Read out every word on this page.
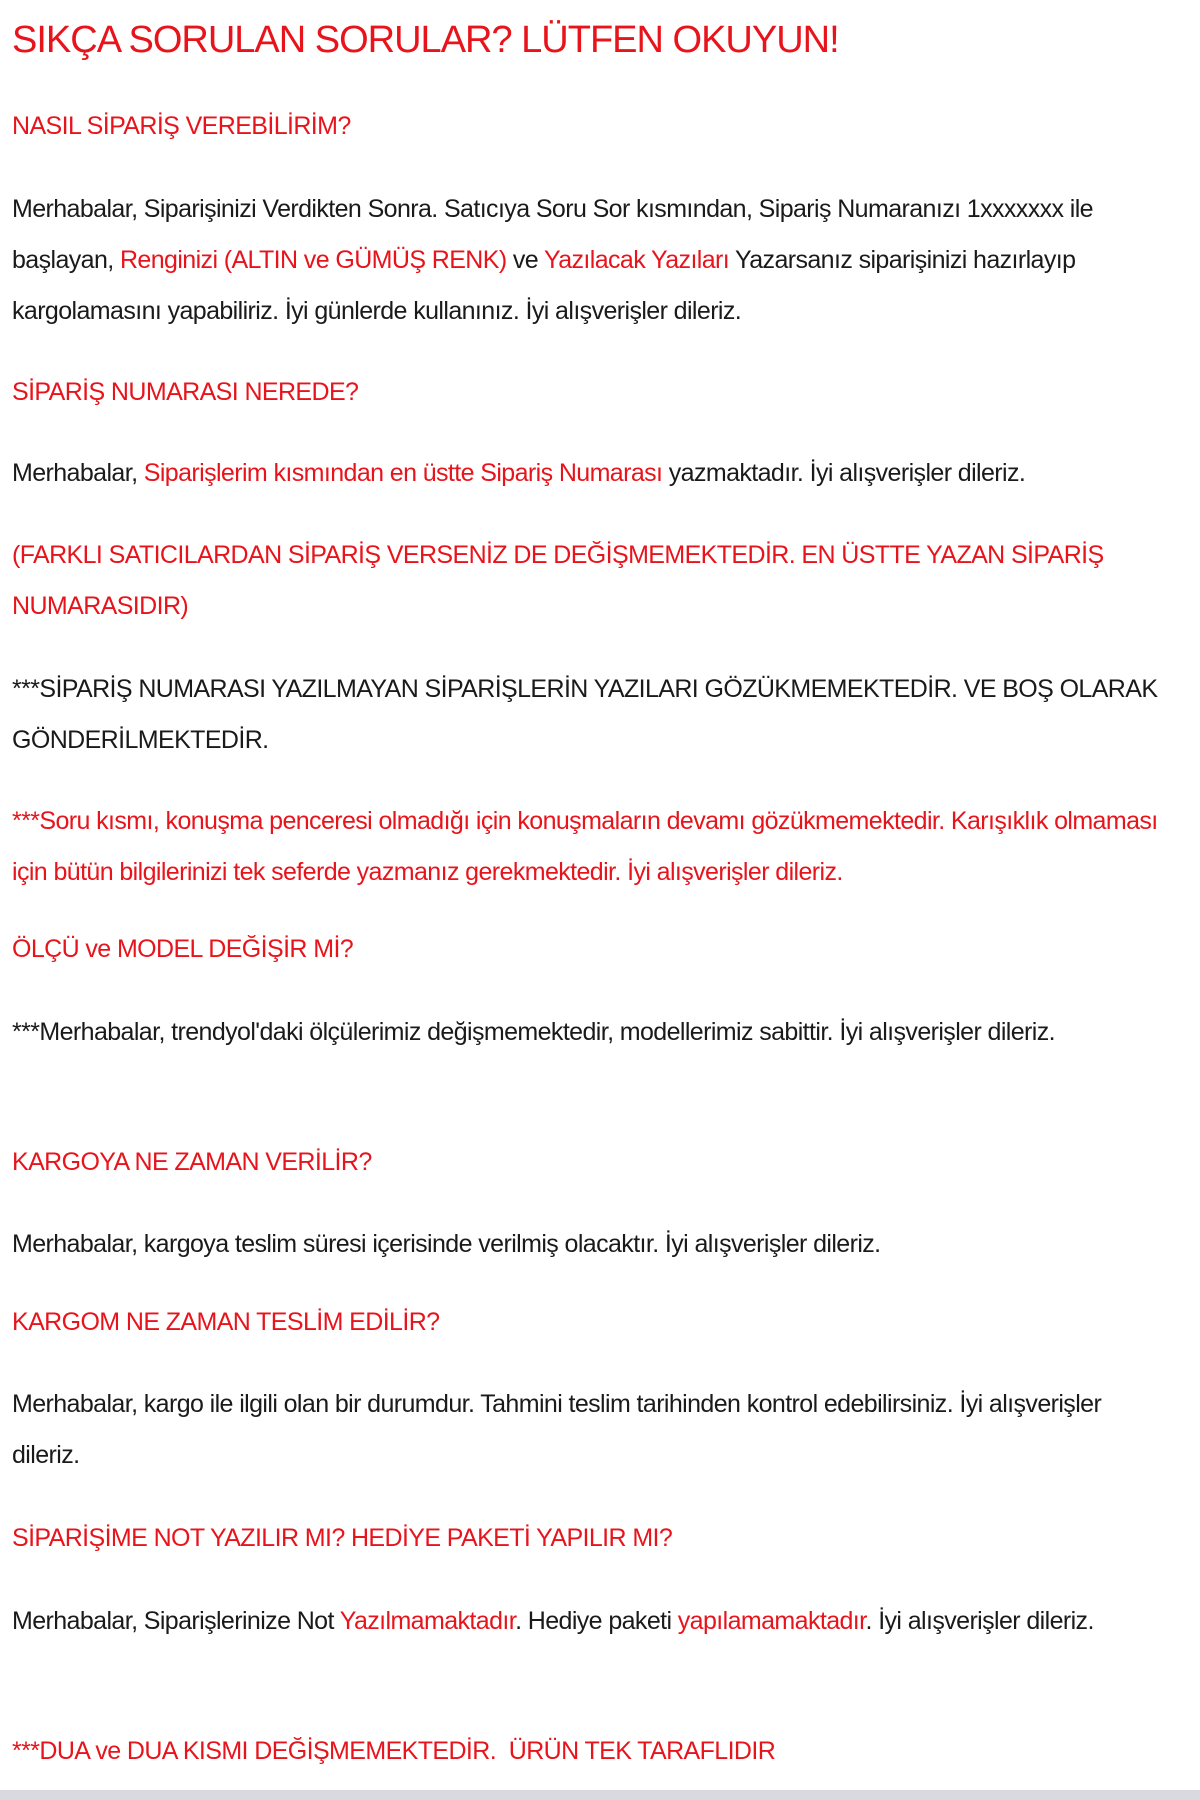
SIKÇA SORULAN SORULAR? LÜTFEN OKUYUN!
NASIL SİPARİŞ VEREBİLİRİM?

Merhabalar, Siparişinizi Verdikten Sonra. Satıcıya Soru Sor kısmından, Sipariş Numaranızı 1xxxxxxx ile başlayan, Renginizi (ALTIN ve GÜMÜŞ RENK) ve Yazılacak Yazıları Yazarsanız siparişinizi hazırlayıp kargolamasını yapabiliriz. İyi günlerde kullanınız. İyi alışverişler dileriz.

SİPARİŞ NUMARASI NEREDE?

Merhabalar, Siparişlerim kısmından en üstte Sipariş Numarası yazmaktadır. İyi alışverişler dileriz.

(FARKLI SATICILARDAN SİPARİŞ VERSENİZ DE DEĞİŞMEMEKTEDİR. EN ÜSTTE YAZAN SİPARİŞ NUMARASIDIR)

***SİPARİŞ NUMARASI YAZILMAYAN SİPARİŞLERİN YAZILARI GÖZÜKMEMEKTEDİR. VE BOŞ OLARAK GÖNDERİLMEKTEDİR.

***Soru kısmı, konuşma penceresi olmadığı için konuşmaların devamı gözükmemektedir. Karışıklık olmaması için bütün bilgilerinizi tek seferde yazmanız gerekmektedir. İyi alışverişler dileriz.

ÖLÇÜ ve MODEL DEĞİŞİR Mİ?

***Merhabalar, trendyol'daki ölçülerimiz değişmemektedir, modellerimiz sabittir. İyi alışverişler dileriz.

KARGOYA NE ZAMAN VERİLİR?

Merhabalar, kargoya teslim süresi içerisinde verilmiş olacaktır. İyi alışverişler dileriz.

KARGOM NE ZAMAN TESLİM EDİLİR?

Merhabalar, kargo ile ilgili olan bir durumdur. Tahmini teslim tarihinden kontrol edebilirsiniz. İyi alışverişler dileriz.

SİPARİŞİME NOT YAZILIR MI? HEDİYE PAKETİ YAPILIR MI?

Merhabalar, Siparişlerinize Not Yazılmamaktadır. Hediye paketi yapılamamaktadır. İyi alışverişler dileriz.

***DUA ve DUA KISMI DEĞİŞMEMEKTEDİR.  ÜRÜN TEK TARAFLIDIR
